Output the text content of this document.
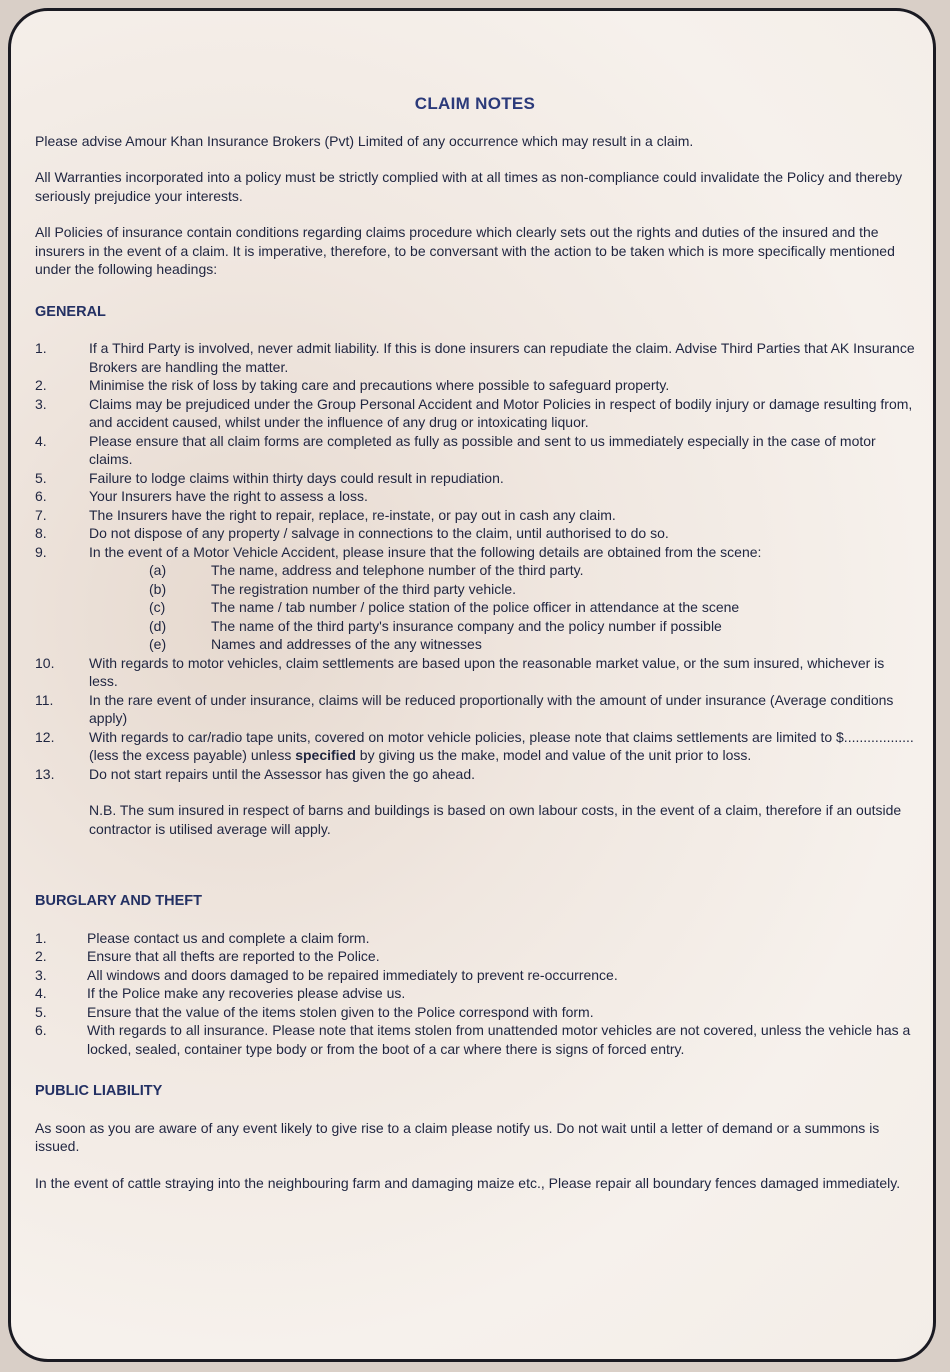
CLAIM NOTES

Please advise Amour Khan Insurance Brokers (Pvt) Limited of any occurrence which may result in a claim.

All Warranties incorporated into a policy must be strictly complied with at all times as non-compliance could invalidate the Policy and thereby seriously prejudice your interests.

All Policies of insurance contain conditions regarding claims procedure which clearly sets out the rights and duties of the insured and the insurers in the event of a claim. It is imperative, therefore, to be conversant with the action to be taken which is more specifically mentioned under the following headings:

GENERAL
1.	If a Third Party is involved, never admit liability. If this is done insurers can repudiate the claim. Advise Third Parties that AK Insurance Brokers are handling the matter.
2.	Minimise the risk of loss by taking care and precautions where possible to safeguard property.
3.	Claims may be prejudiced under the Group Personal Accident and Motor Policies in respect of bodily injury or damage resulting from, and accident caused, whilst under the influence of any drug or intoxicating liquor.
4.	Please ensure that all claim forms are completed as fully as possible and sent to us immediately especially in the case of motor claims.
5.	Failure to lodge claims within thirty days could result in repudiation.
6.	Your Insurers have the right to assess a loss.
7.	The Insurers have the right to repair, replace, re-instate, or pay out in cash any claim.
8.	Do not dispose of any property / salvage in connections to the claim, until authorised to do so.
9.	In the event of a Motor Vehicle Accident, please insure that the following details are obtained from the scene:
(a)	The name, address and telephone number of the third party.
(b)	The registration number of the third party vehicle.
(c)	The name / tab number / police station of the police officer in attendance at the scene
(d)	The name of the third party's insurance company and the policy number if possible
(e)	Names and addresses of the any witnesses
10.	With regards to motor vehicles, claim settlements are based upon the reasonable market value, or the sum insured, whichever is less.
11.	In the rare event of under insurance, claims will be reduced proportionally with the amount of under insurance (Average conditions apply)
12.	With regards to car/radio tape units, covered on motor vehicle policies, please note that claims settlements are limited to $.................. (less the excess payable) unless specified by giving us the make, model and value of the unit prior to loss.
13.	Do not start repairs until the Assessor has given the go ahead.
N.B. The sum insured in respect of barns and buildings is based on own labour costs, in the event of a claim, therefore if an outside contractor is utilised average will apply.
BURGLARY AND THEFT
1.	Please contact us and complete a claim form.
2.	Ensure that all thefts are reported to the Police.
3.	All windows and doors damaged to be repaired immediately to prevent re-occurrence.
4.	If the Police make any recoveries please advise us.
5.	Ensure that the value of the items stolen given to the Police correspond with form.
6.	With regards to all insurance. Please note that items stolen from unattended motor vehicles are not covered, unless the vehicle has a locked, sealed, container type body or from the boot of a car where there is signs of forced entry.
PUBLIC LIABILITY

As soon as you are aware of any event likely to give rise to a claim please notify us. Do not wait until a letter of demand or a summons is issued.

In the event of cattle straying into the neighbouring farm and damaging maize etc., Please repair all boundary fences damaged immediately.
